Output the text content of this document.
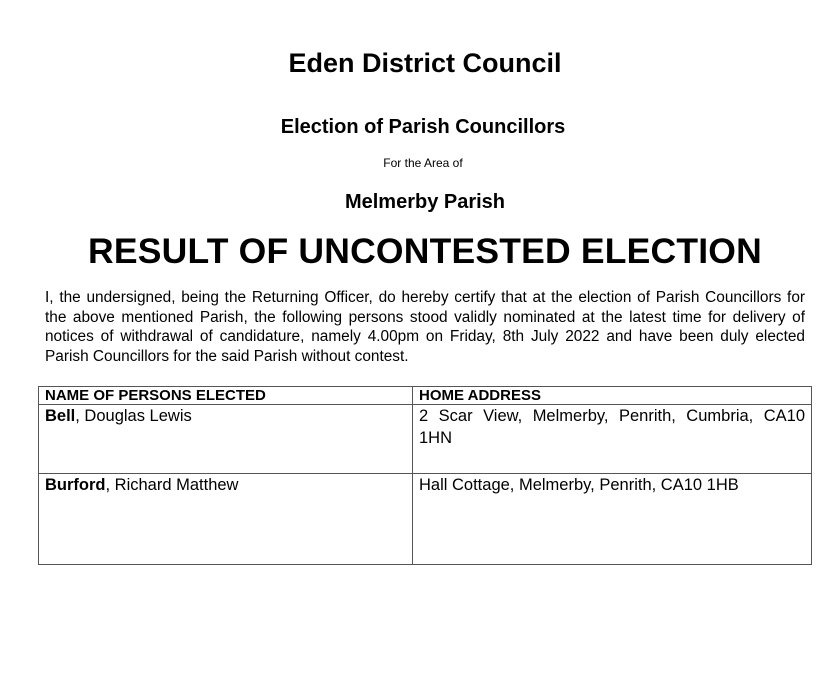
Eden District Council
Election of Parish Councillors
For the Area of
Melmerby Parish
RESULT OF UNCONTESTED ELECTION

I, the undersigned, being the Returning Officer, do hereby certify that at the election of Parish Councillors for the above mentioned Parish, the following persons stood validly nominated at the latest time for delivery of notices of withdrawal of candidature, namely 4.00pm on Friday, 8th July 2022 and have been duly elected Parish Councillors for the said Parish without contest.

NAME OF PERSONS ELECTED	HOME ADDRESS
Bell, Douglas Lewis	2 Scar View, Melmerby, Penrith, Cumbria, CA10 1HN

Burford, Richard Matthew	Hall Cottage, Melmerby, Penrith, CA10 1HB
